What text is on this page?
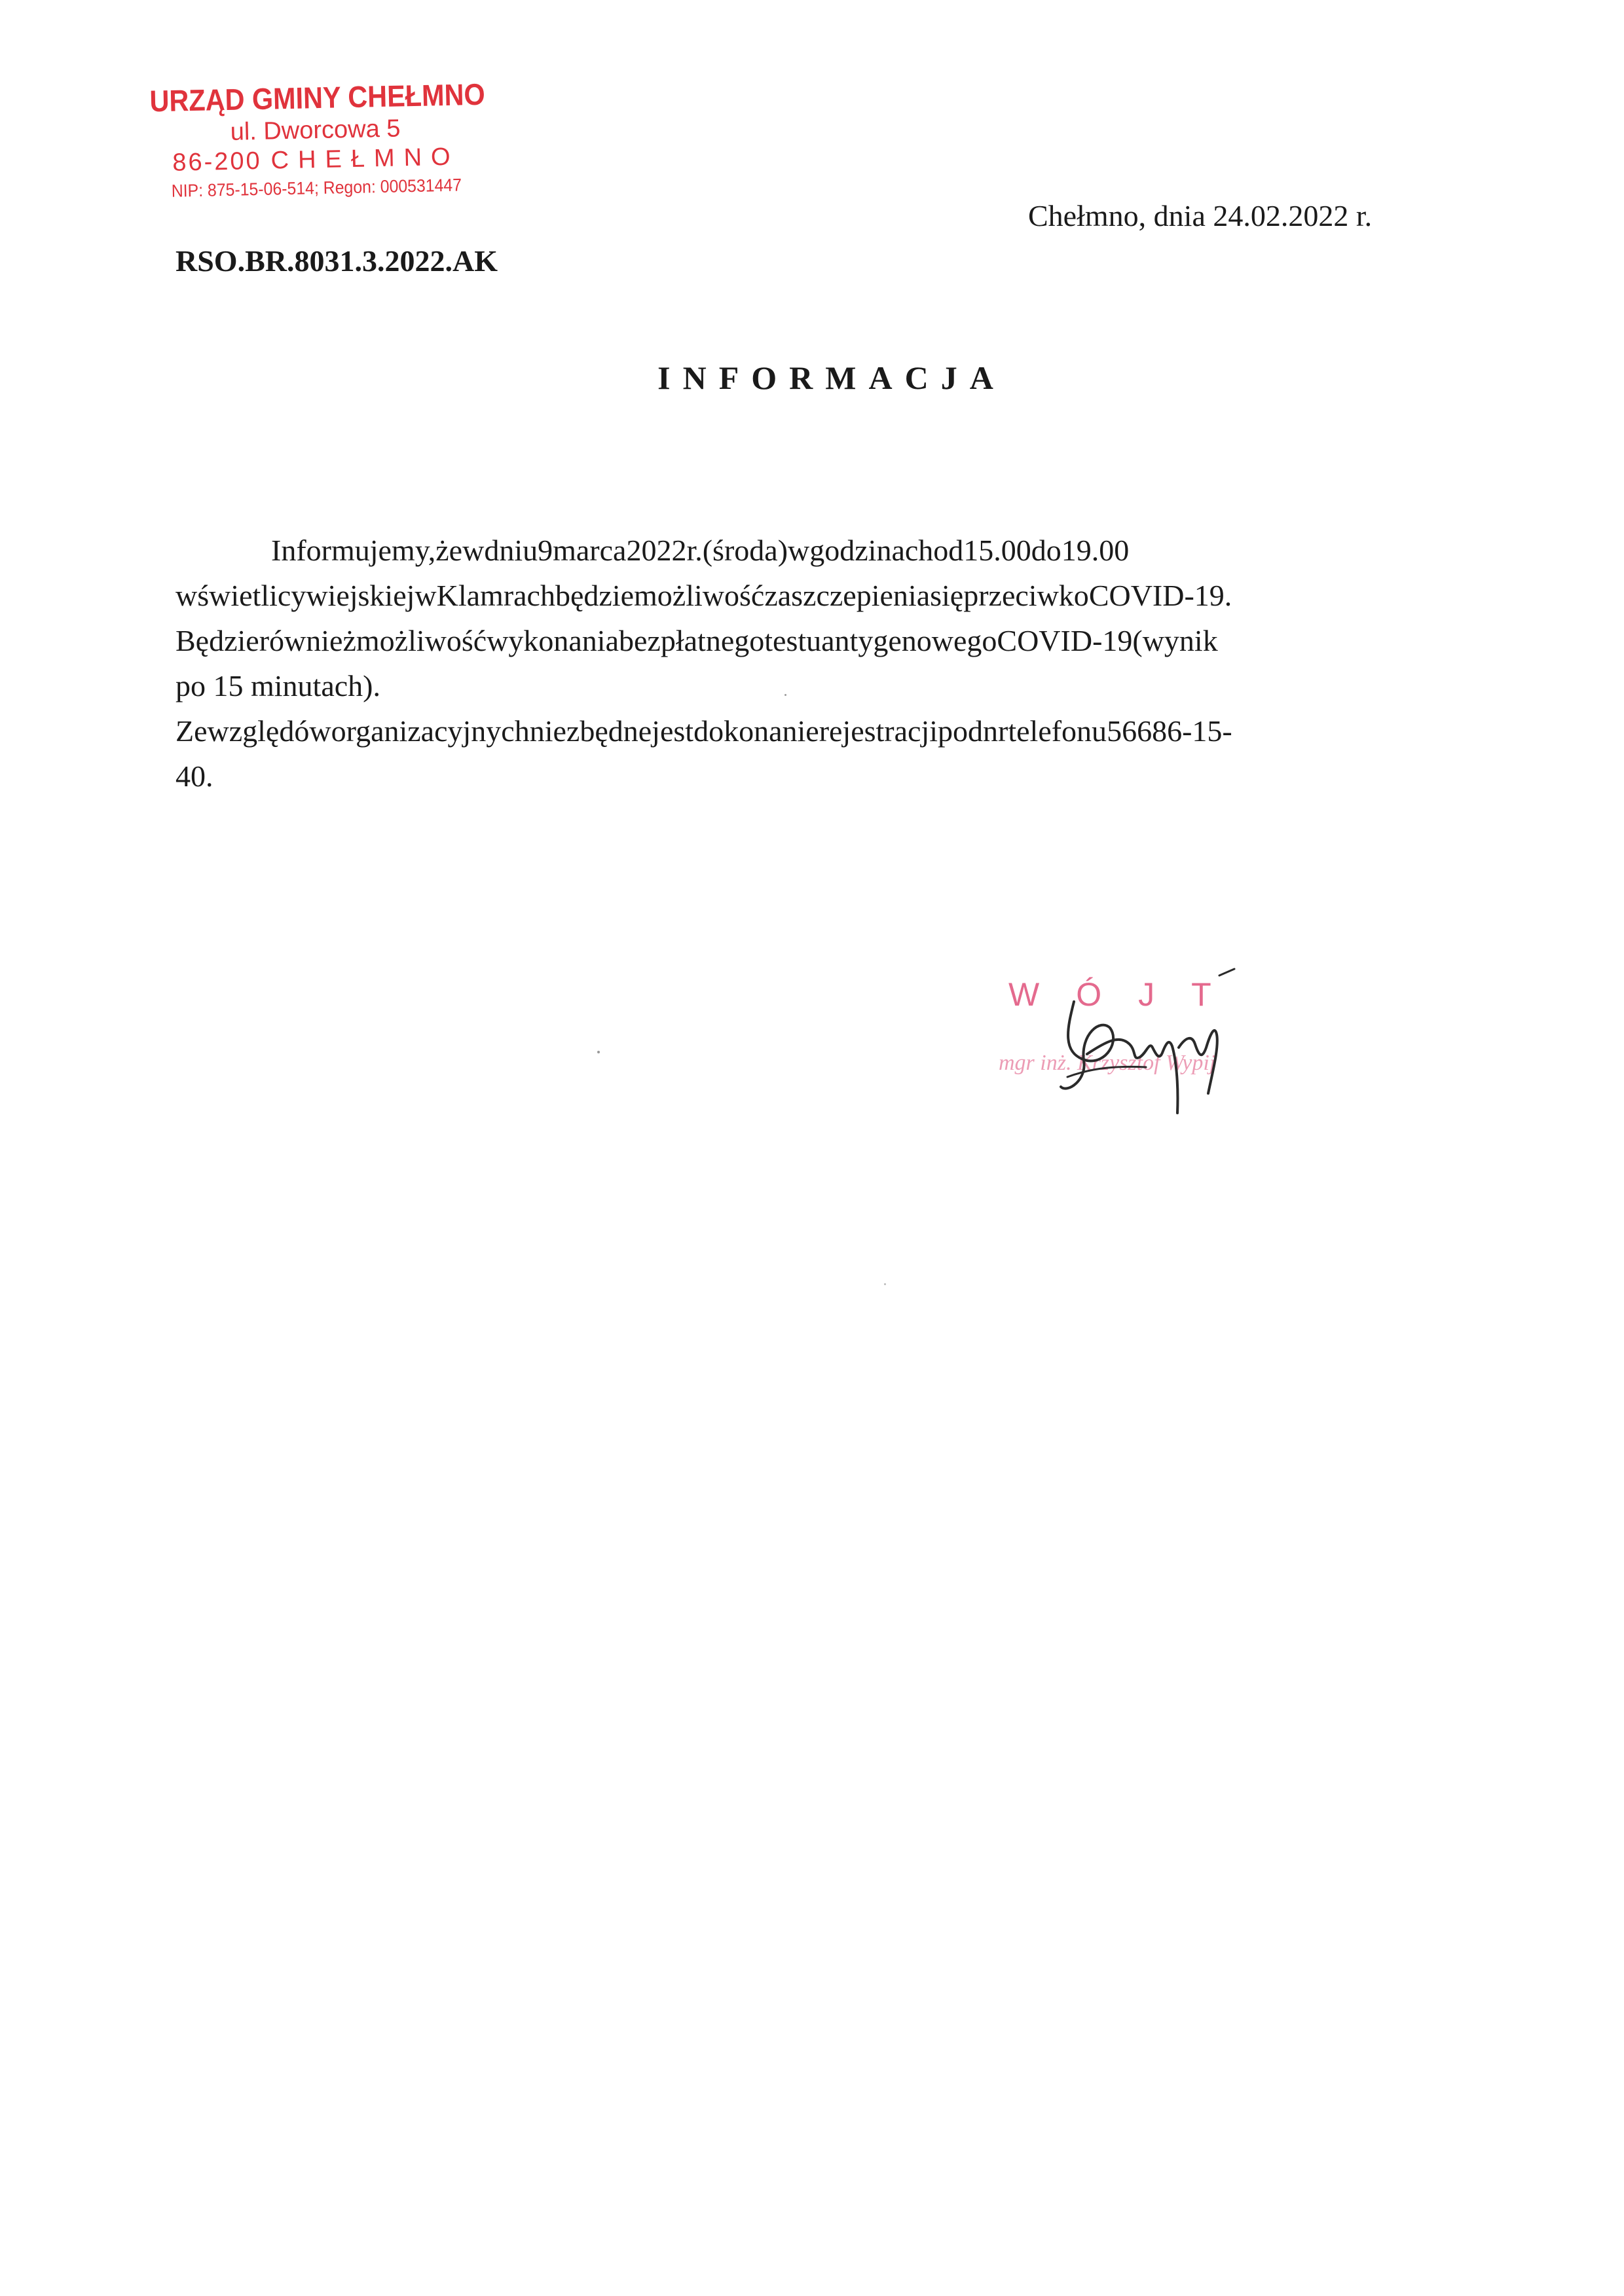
URZĄD GMINY CHEŁMNO
ul. Dworcowa 5
86-200 CHEŁMNO
NIP: 875-15-06-514; Regon: 000531447
Chełmno, dnia 24.02.2022 r.
RSO.BR.8031.3.2022.AK
INFORMACJA
Informujemy,żewdniu9marca2022r.(środa)wgodzinachod15.00do19.00
wświetlicywiejskiejwKlamrachbędziemożliwośćzaszczepieniasięprzeciwkoCOVID-19.
BędzierównieżmożliwośćwykonaniabezpłatnegotestuantygenowegoCOVID-19(wynik
po 15 minutach).
Zewzględóworganizacyjnychniezbędnejestdokonanierejestracjipodnrtelefonu56686-15-
40.
WÓJT
mgr inż. Krzysztof Wypij
